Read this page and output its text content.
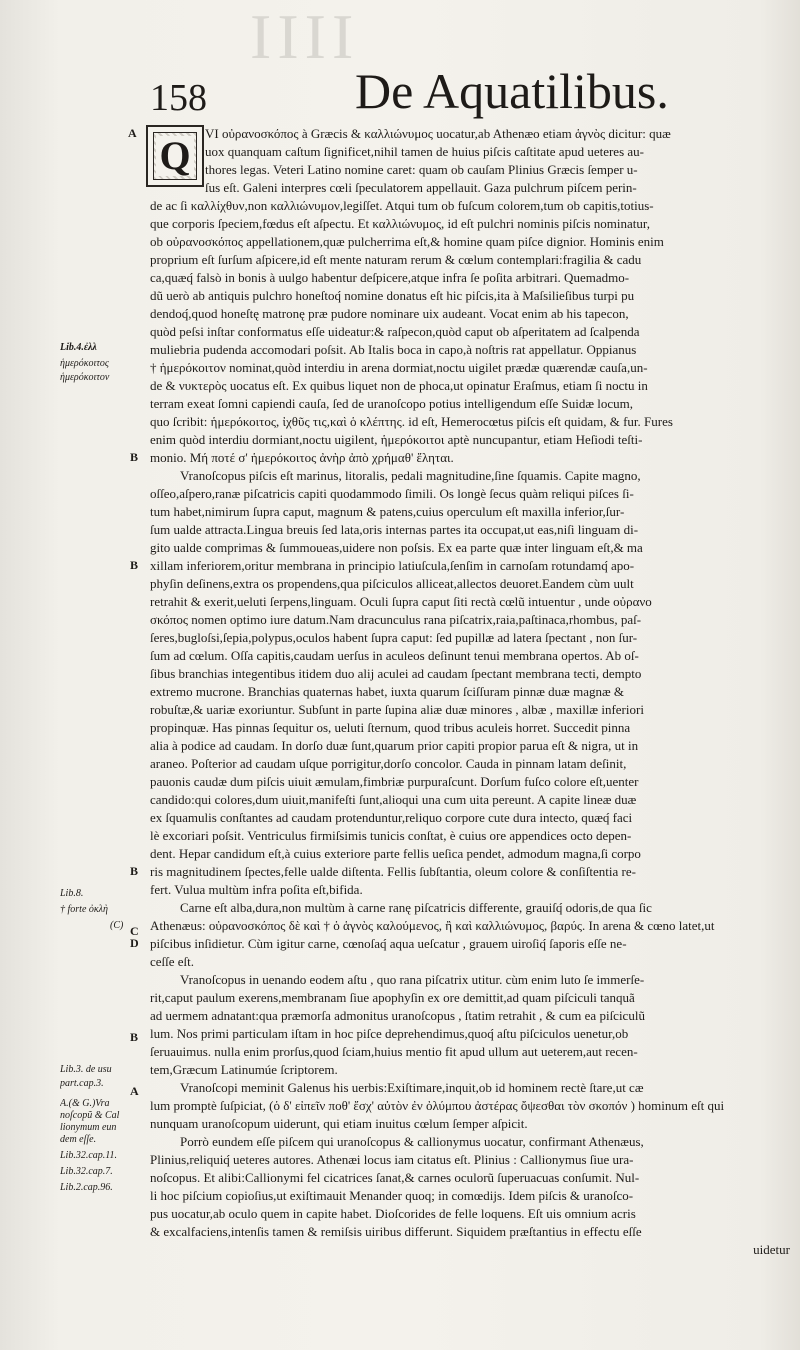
IIII
158	De Aquatilibus.
Q
A
B
B
B
C
D
B
A
Lib.4.ἐλλ
ἡμερόκοιτος
ἡμερόκοιτον
Lib.8.
† forte ὀκλὴ
(C)
Lib.3. de usu
part.cap.3.
A.(& G.)Vra
noſcopũ & Cal
lionymum eun
dem eſſe.
Lib.32.cap.11.
Lib.32.cap.7.
Lib.2.cap.96.
VI οὐρανοσκόπος à Græcis & καλλιώνυμος uocatur,ab Athenæo etiam ἁγνὸς dicitur: quæ
uox quanquam caſtum ſignificet,nihil tamen de huius piſcis caſtitate apud ueteres au-
thores legas. Veteri Latino nomine caret: quam ob cauſam Plinius Græcis ſemper u-
ſus eſt. Galeni interpres cœli ſpeculatorem appellauit. Gaza pulchrum piſcem perin-
de ac ſi καλλίχθυν,non καλλιώνυμον,legiſſet. Atqui tum ob fuſcum colorem,tum ob capitis,totius-
que corporis ſpeciem,fœdus eſt aſpectu. Et καλλιώνυμος, id eſt pulchri nominis piſcis nominatur,
ob οὐρανοσκόπος appellationem,quæ pulcherrima eſt,& homine quam piſce dignior. Hominis enim
proprium eſt ſurſum aſpicere,id eſt mente naturam rerum & cœlum contemplari:fragilia & cadu
ca,quæq́ falsò in bonis à uulgo habentur deſpicere,atque infra ſe poſita arbitrari. Quemadmo-
dũ uerò ab antiquis pulchro honeſtoq́ nomine donatus eſt hic piſcis,ita à Maſsilieſibus turpi pu
dendoq́,quod honeſtę matronę præ pudore nominare uix audeant. Vocat enim ab his tapecon,
quòd peſsi inſtar conformatus eſſe uideatur:& raſpecon,quòd caput ob aſperitatem ad ſcalpenda
muliebria pudenda accomodari poſsit. Ab Italis boca in capo,à noſtris rat appellatur. Oppianus
† ἡμερόκοιτον nominat,quòd interdiu in arena dormiat,noctu uigilet prædæ quærendæ cauſa,un-
de & νυκτερὸς uocatus eſt. Ex quibus liquet non de phoca,ut opinatur Eraſmus, etiam ſi noctu in
terram exeat ſomni capiendi cauſa, ſed de uranoſcopo potius intelligendum eſſe Suidæ locum,
quo ſcribit: ἡμερόκοιτος, ἰχθῦς τις,καὶ ὁ κλέπτης. id eſt, Hemerocœtus piſcis eſt quidam, & fur. Fures
enim quòd interdiu dormiant,noctu uigilent, ἡμερόκοιτοι aptè nuncupantur, etiam Heſiodi teſti-
monio. Μή ποτέ σ' ἡμερόκοιτος ἀνὴρ ἀπὸ χρήμαθ' ἕληται.
Vranoſcopus piſcis eſt marinus, litoralis, pedali magnitudine,ſine ſquamis. Capite magno,
oſſeo,aſpero,ranæ piſcatricis capiti quodammodo ſimili. Os longè ſecus quàm reliqui piſces ſi-
tum habet,nimirum ſupra caput, magnum & patens,cuius operculum eſt maxilla inferior,ſur-
ſum ualde attracta.Lingua breuis ſed lata,oris internas partes ita occupat,ut eas,niſi linguam di-
gito ualde comprimas & ſummoueas,uidere non poſsis. Ex ea parte quæ inter linguam eſt,& ma
xillam inferiorem,oritur membrana in principio latiuſcula,ſenſim in carnoſam rotundamq́ apo-
phyſin deſinens,extra os propendens,qua piſciculos alliceat,allectos deuoret.Eandem cùm uult
retrahit & exerit,ueluti ſerpens,linguam. Oculi ſupra caput ſiti rectà cœlũ intuentur , unde οὐρανο
σκόπος nomen optimo iure datum.Nam dracunculus rana piſcatrix,raia,paſtinaca,rhombus, paſ-
ſeres,bugloſsi,ſepia,polypus,oculos habent ſupra caput: ſed pupillæ ad latera ſpectant , non ſur-
ſum ad cœlum. Oſſa capitis,caudam uerſus in aculeos deſinunt tenui membrana opertos. Ab oſ-
ſibus branchias integentibus itidem duo alij aculei ad caudam ſpectant membrana tecti, dempto
extremo mucrone. Branchias quaternas habet, iuxta quarum ſciſſuram pinnæ duæ magnæ &
robuſtæ,& uariæ exoriuntur. Subſunt in parte ſupina aliæ duæ minores , albæ , maxillæ inferiori
propinquæ. Has pinnas ſequitur os, ueluti ſternum, quod tribus aculeis horret. Succedit pinna
alia à podice ad caudam. In dorſo duæ ſunt,quarum prior capiti propior parua eſt & nigra, ut in
araneo. Poſterior ad caudam uſque porrigitur,dorſo concolor. Cauda in pinnam latam deſinit,
pauonis caudæ dum piſcis uiuit æmulam,fimbriæ purpuraſcunt. Dorſum fuſco colore eſt,uenter
candido:qui colores,dum uiuit,manifeſti ſunt,alioqui una cum uita pereunt. A capite lineæ duæ
ex ſquamulis conſtantes ad caudam protenduntur,reliquo corpore cute dura intecto, quæq́ faci
lè excoriari poſsit. Ventriculus firmiſsimis tunicis conſtat, è cuius ore appendices octo depen-
dent. Hepar candidum eſt,à cuius exteriore parte fellis ueſica pendet, admodum magna,ſi corpo
ris magnitudinem ſpectes,felle ualde diſtenta. Fellis ſubſtantia, oleum colore & conſiſtentia re-
fert. Vulua multùm infra poſita eſt,bifida.
Carne eſt alba,dura,non multùm à carne ranę piſcatricis differente, grauiſq́ odoris,de qua ſic
Athenæus: οὐρανοσκόπος δὲ καὶ † ὁ ἁγνὸς καλούμενος, ἢ καὶ καλλιώνυμος, βαρύς. In arena & cœno latet,ut
piſcibus inſidietur. Cùm igitur carne, cœnoſaq́ aqua ueſcatur , grauem uiroſiq́ ſaporis eſſe ne-
ceſſe eſt.
Vranoſcopus in uenando eodem aſtu , quo rana piſcatrix utitur. cùm enim luto ſe immerſe-
rit,caput paulum exerens,membranam ſiue apophyſin ex ore demittit,ad quam piſciculi tanquã
ad uermem adnatant:qua præmorſa admonitus uranoſcopus , ſtatim retrahit , & cum ea piſciculũ
lum. Nos primi particulam iſtam in hoc piſce deprehendimus,quoq́ aſtu piſciculos uenetur,ob
ſeruauimus. nulla enim prorſus,quod ſciam,huius mentio fit apud ullum aut ueterem,aut recen-
tem,Græcum Latinumúe ſcriptorem.
Vranoſcopi meminit Galenus his uerbis:Exiſtimare,inquit,ob id hominem rectè ſtare,ut cæ
lum promptè ſuſpiciat, (ὁ δ' εἰπεῖν ποθ' ἔσχ' αὐτὸν ἐν ὀλύμπου ἀστέρας ὄψεσθαι τὸν σκοπόν ) hominum eſt qui
nunquam uranoſcopum uiderunt, qui etiam inuitus cœlum ſemper aſpicit.
Porrò eundem eſſe piſcem qui uranoſcopus & callionymus uocatur, confirmant Athenæus,
Plinius,reliquiq́ ueteres autores. Athenæi locus iam citatus eſt. Plinius : Callionymus ſiue ura-
noſcopus. Et alibi:Callionymi fel cicatrices ſanat,& carnes oculorũ ſuperuacuas conſumit. Nul-
li hoc piſcium copioſius,ut exiſtimauit Menander quoq; in comœdijs. Idem piſcis & uranoſco-
pus uocatur,ab oculo quem in capite habet. Dioſcorides de felle loquens. Eſt uis omnium acris
& excalfaciens,intenſis tamen & remiſsis uiribus differunt. Siquidem præſtantius in effectu eſſe
uidetur
